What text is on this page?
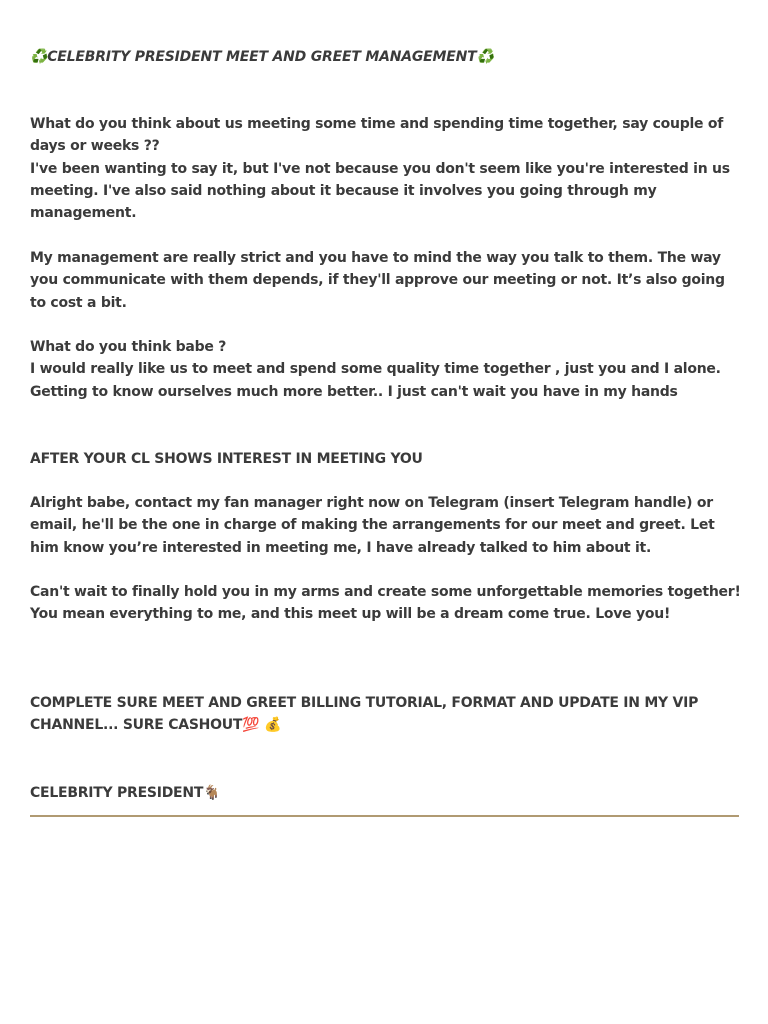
♻️CELEBRITY PRESIDENT MEET AND GREET MANAGEMENT♻️
What do you think about us meeting some time and spending time together, say couple of days or weeks ??
I've been wanting to say it, but I've not because you don't seem like you're interested in us meeting. I've also said nothing about it because it involves you going through my management.
My management are really strict and you have to mind the way you talk to them. The way you communicate with them depends, if they'll approve our meeting or not. It’s also going to cost a bit.
What do you think babe ?
I would really like us to meet and spend some quality time together , just you and I alone. Getting to know ourselves much more better.. I just can't wait you have in my hands
AFTER YOUR CL SHOWS INTEREST IN MEETING YOU
Alright babe, contact my fan manager right now on Telegram (insert Telegram handle) or email, he'll be the one in charge of making the arrangements for our meet and greet. Let him know you’re interested in meeting me, I have already talked to him about it.
Can't wait to finally hold you in my arms and create some unforgettable memories together! You mean everything to me, and this meet up will be a dream come true. Love you!
COMPLETE SURE MEET AND GREET BILLING TUTORIAL, FORMAT AND UPDATE IN MY VIP CHANNEL... SURE CASHOUT💯 💰
CELEBRITY PRESIDENT🐐
